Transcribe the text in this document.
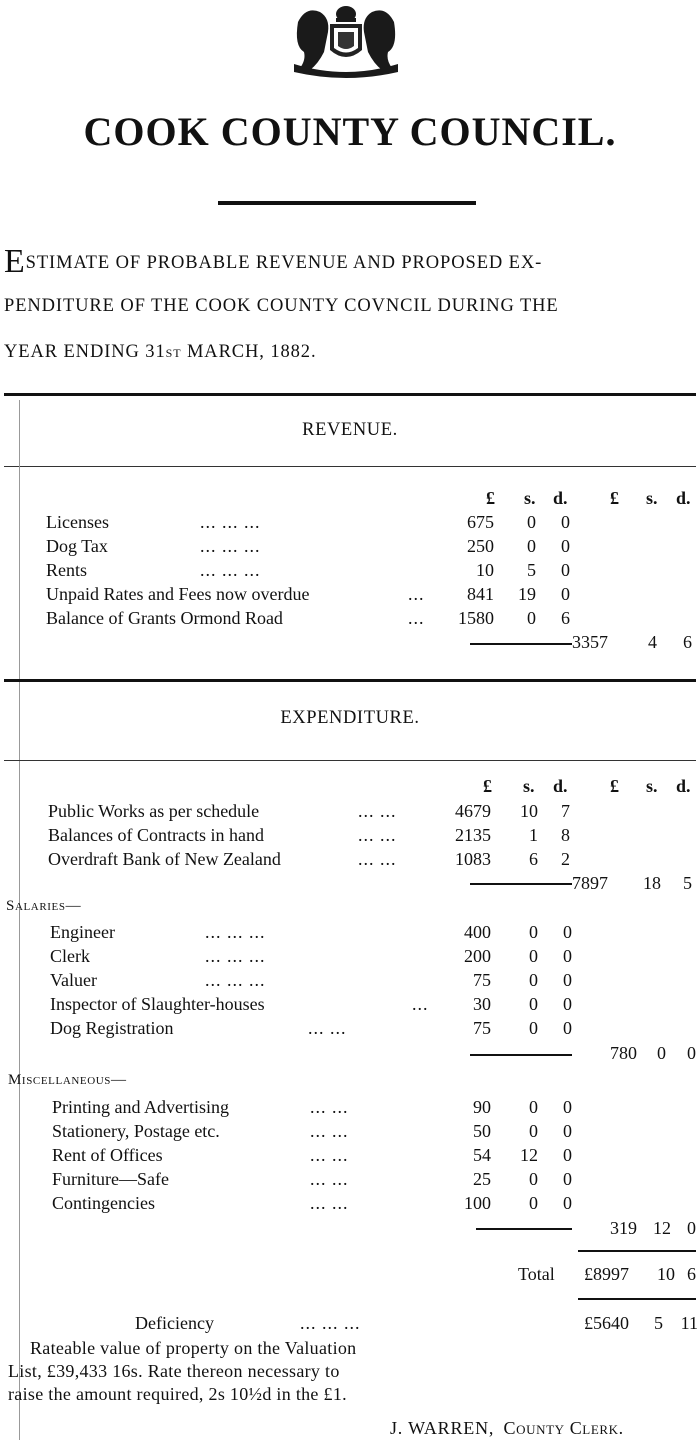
COOK COUNTY COUNCIL.
ESTIMATE OF PROBABLE REVENUE AND PROPOSED EX-
PENDITURE OF THE COOK COUNTY COVNCIL DURING THE
YEAR ENDING 31ST MARCH, 1882.
REVENUE.
£ s. d. £ s. d.
Licenses	... ... ...	675 0 0
Dog Tax	... ... ...	250 0 0
Rents	... ... ...	10 5 0
Unpaid Rates and Fees now overdue	... 841 19 0
Balance of Grants Ormond Road	... 1580 0 6
3357 4 6
EXPENDITURE.
£ s. d. £ s. d.
Public Works as per schedule	... ...	4679 10 7
Balances of Contracts in hand	... ...	2135 1 8
Overdraft Bank of New Zealand	... ...	1083 6 2
7897 18 5
Salaries—
Engineer	... ... ...	400 0 0
Clerk	... ... ...	200 0 0
Valuer	... ... ...	75 0 0
Inspector of Slaughter-houses	... 30 0 0
Dog Registration	... ...	75 0 0
780 0 0
Miscellaneous—
Printing and Advertising	... ...	90 0 0
Stationery, Postage etc.	... ...	50 0 0
Rent of Offices	... ...	54 12 0
Furniture—Safe	... ...	25 0 0
Contingencies	... ...	100 0 0
319 12 0
Total £8997 10 6
Deficiency	... ... ...	£5640 5 11
Rateable value of property on the Valuation
List, £39,433 16s. Rate thereon necessary to
raise the amount required, 2s 10½d in the £1.
J. WARREN, County Clerk.
